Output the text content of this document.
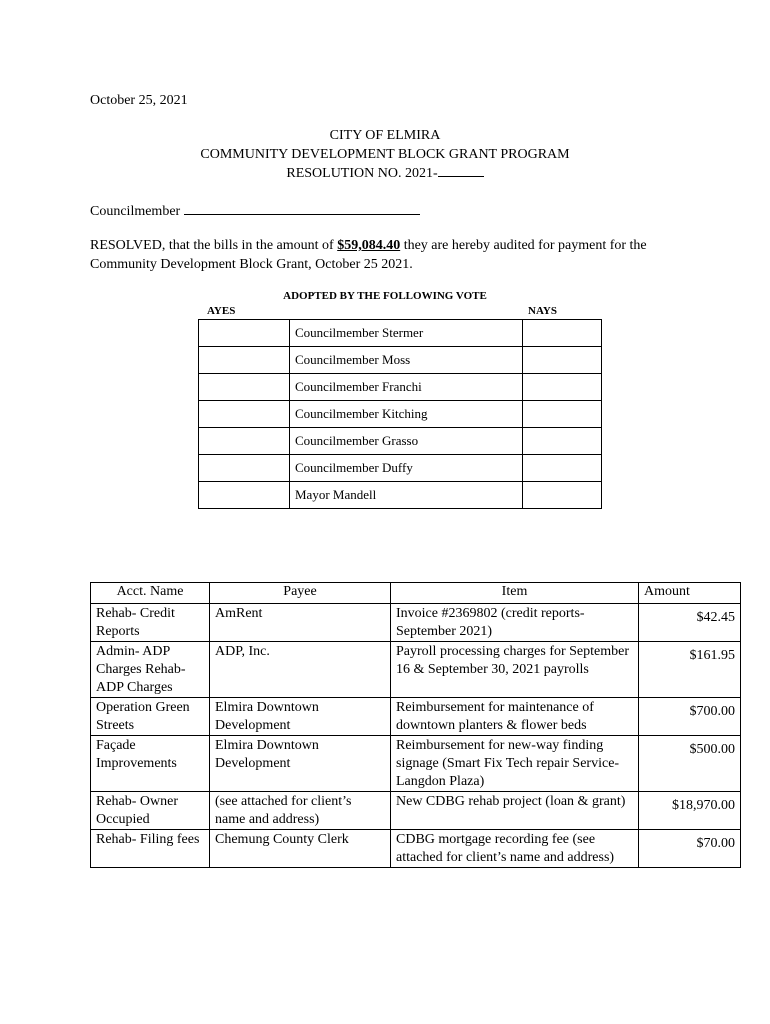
October 25, 2021
CITY OF ELMIRA
COMMUNITY DEVELOPMENT BLOCK GRANT PROGRAM
RESOLUTION NO. 2021-
Councilmember
RESOLVED, that the bills in the amount of $59,084.40 they are hereby audited for payment for the Community Development Block Grant, October 25 2021.
ADOPTED BY THE FOLLOWING VOTE
AYES	NAYS
	Councilmember Stermer	
	Councilmember Moss	
	Councilmember Franchi	
	Councilmember Kitching	
	Councilmember Grasso	
	Councilmember Duffy	
	Mayor Mandell	
Acct. Name	Payee	Item	Amount
Rehab- Credit Reports	AmRent	Invoice #2369802 (credit reports- September 2021)	$42.45
Admin- ADP Charges Rehab- ADP Charges	ADP, Inc.	Payroll processing charges for September 16 & September 30, 2021 payrolls	$161.95
Operation Green Streets	Elmira Downtown Development	Reimbursement for maintenance of downtown planters & flower beds	$700.00
Façade Improvements	Elmira Downtown Development	Reimbursement for new-way finding signage (Smart Fix Tech repair Service- Langdon Plaza)	$500.00
Rehab- Owner Occupied	(see attached for client’s name and address)	New CDBG rehab project (loan & grant)	$18,970.00
Rehab- Filing fees	Chemung County Clerk	CDBG mortgage recording fee (see attached for client’s name and address)	$70.00
